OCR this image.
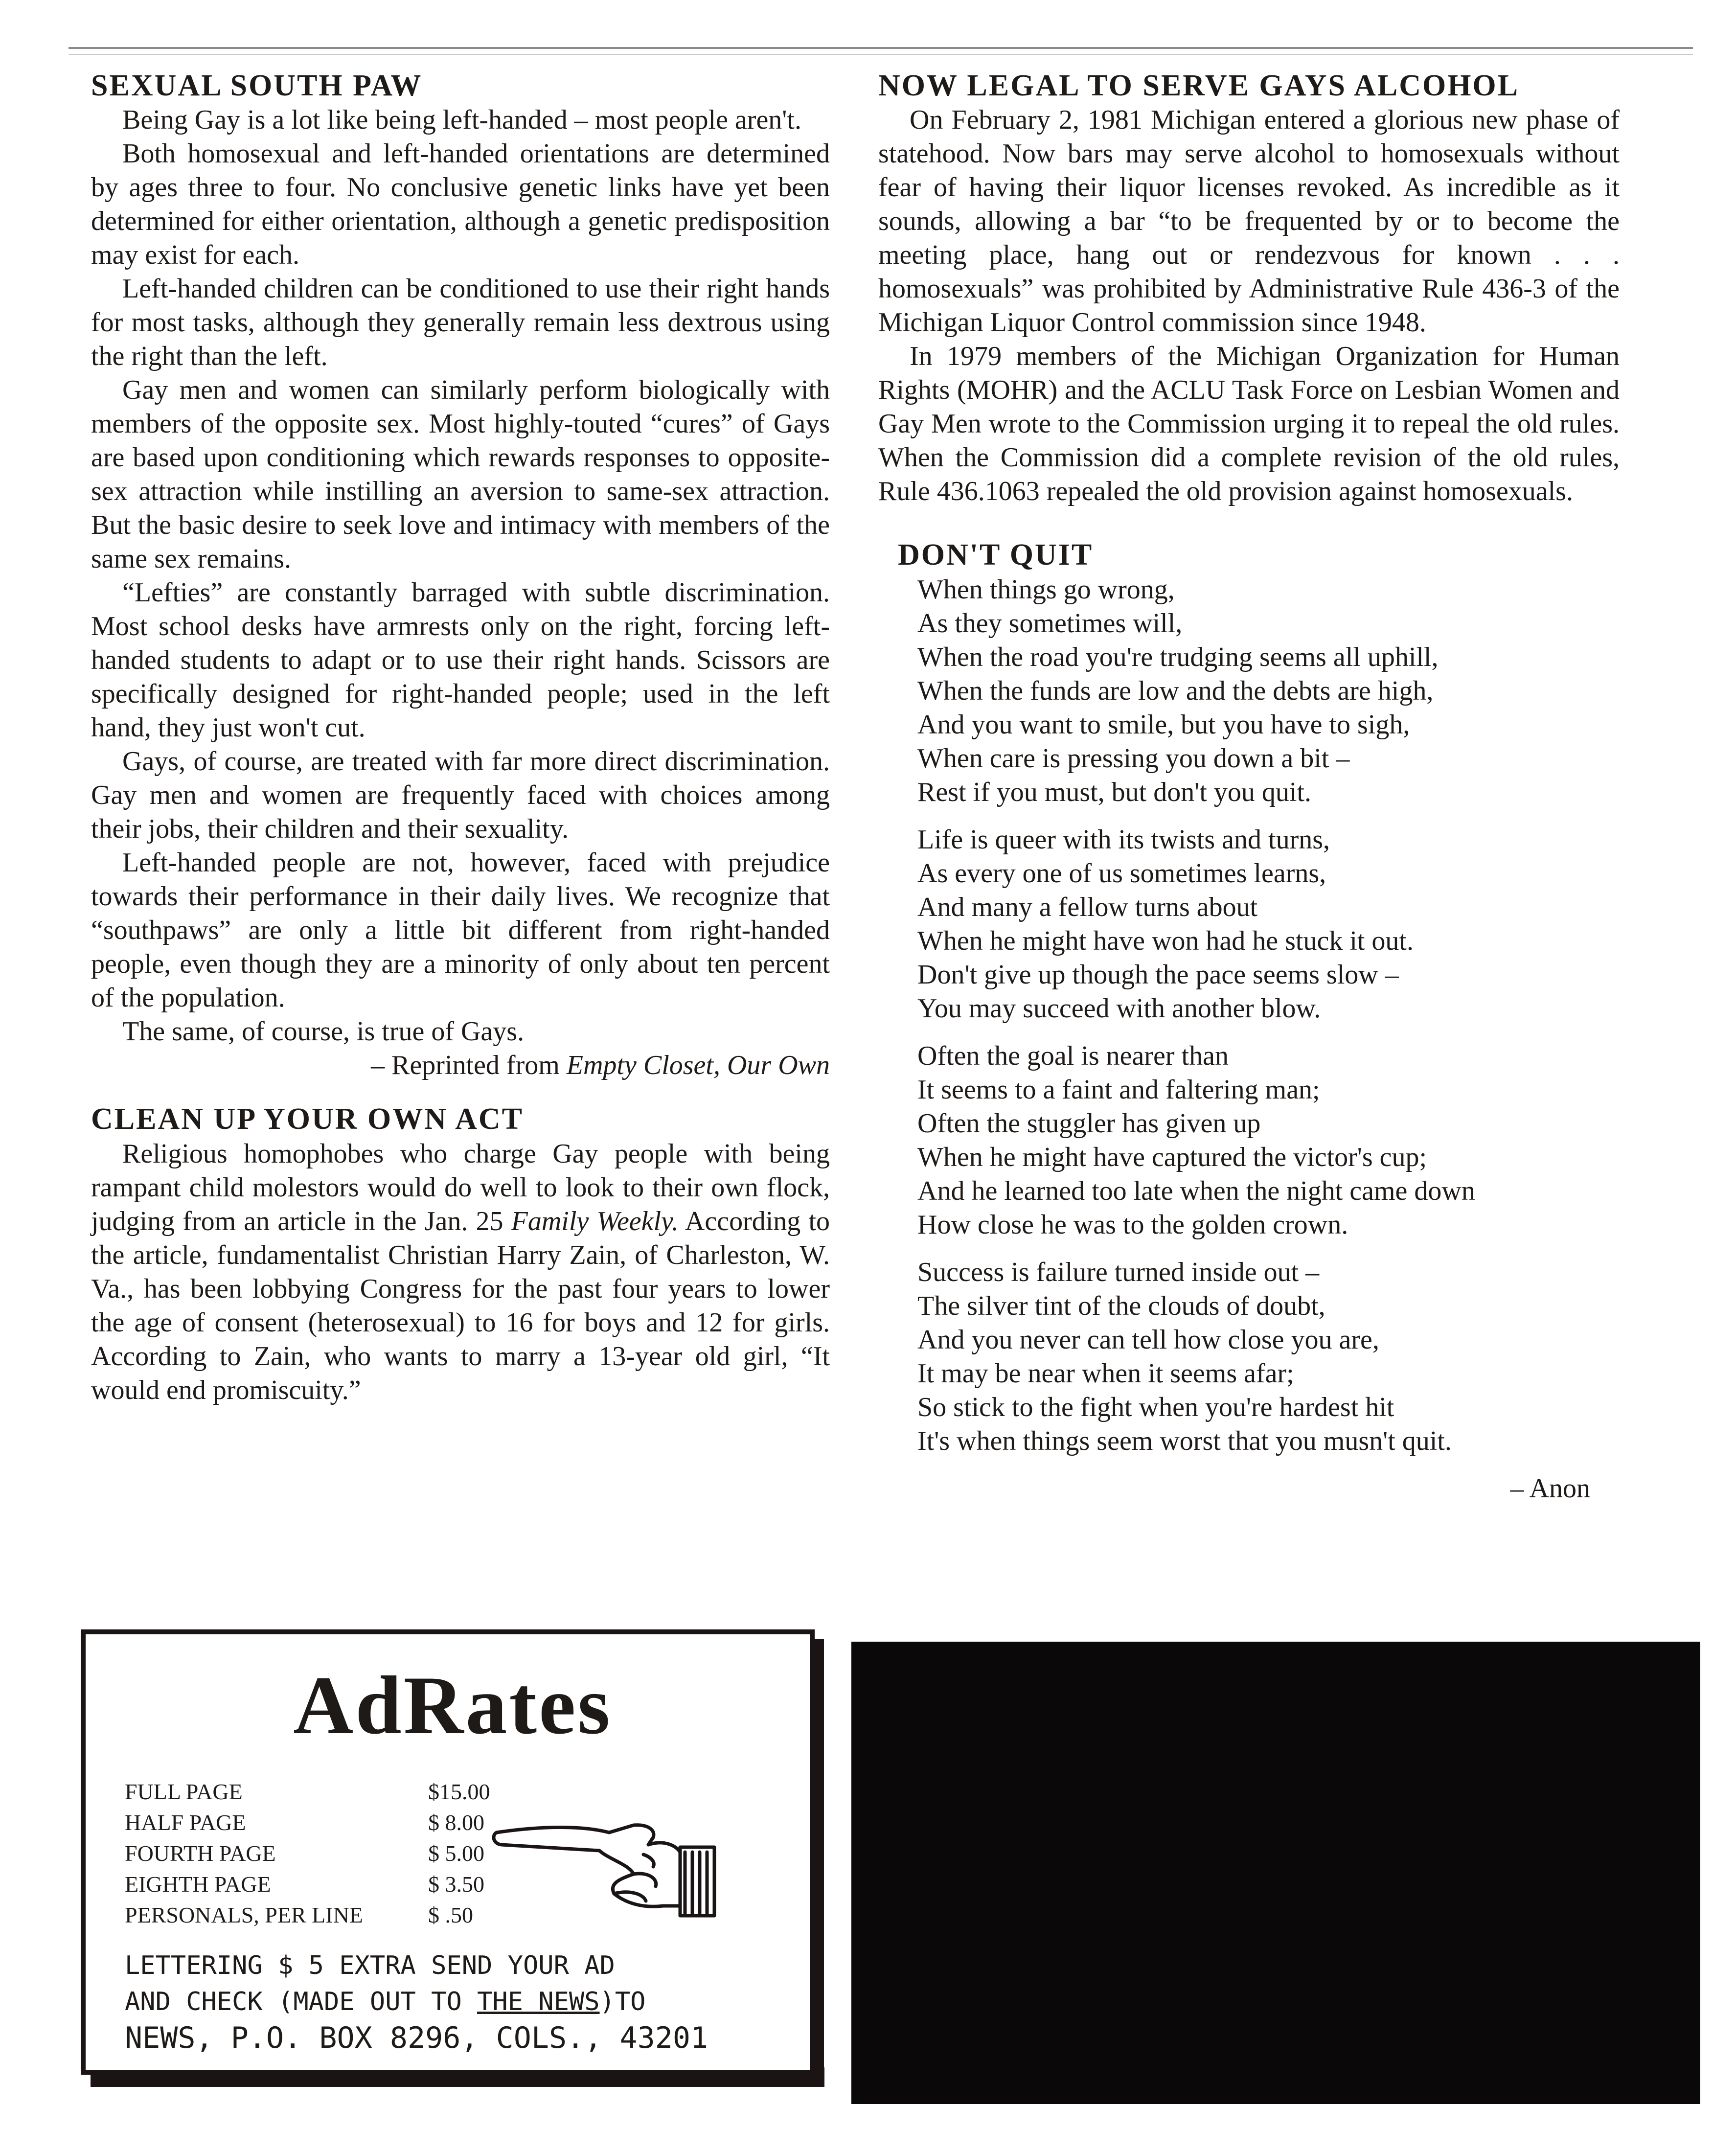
SEXUAL SOUTH PAW

Being Gay is a lot like being left-handed – most people aren't.

Both homosexual and left-handed orientations are determined by ages three to four. No conclusive genetic links have yet been determined for either orientation, although a genetic predisposition may exist for each.

Left-handed children can be conditioned to use their right hands for most tasks, although they generally remain less dextrous using the right than the left.

Gay men and women can similarly perform biologically with members of the opposite sex. Most highly-touted “cures” of Gays are based upon conditioning which rewards responses to opposite-sex attraction while instilling an aversion to same-sex attraction. But the basic desire to seek love and intimacy with members of the same sex remains.

“Lefties” are constantly barraged with subtle discrimination. Most school desks have armrests only on the right, forcing left-handed students to adapt or to use their right hands. Scissors are specifically designed for right-handed people; used in the left hand, they just won't cut.

Gays, of course, are treated with far more direct discrimination. Gay men and women are frequently faced with choices among their jobs, their children and their sexuality.

Left-handed people are not, however, faced with prejudice towards their performance in their daily lives. We recognize that “southpaws” are only a little bit different from right-handed people, even though they are a minority of only about ten percent of the population.

The same, of course, is true of Gays.

– Reprinted from Empty Closet, Our Own
CLEAN UP YOUR OWN ACT

Religious homophobes who charge Gay people with being rampant child molestors would do well to look to their own flock, judging from an article in the Jan. 25 Family Weekly. According to the article, fundamentalist Christian Harry Zain, of Charleston, W. Va., has been lobbying Congress for the past four years to lower the age of consent (heterosexual) to 16 for boys and 12 for girls. According to Zain, who wants to marry a 13-year old girl, “It would end promiscuity.”

NOW LEGAL TO SERVE GAYS ALCOHOL

On February 2, 1981 Michigan entered a glorious new phase of statehood. Now bars may serve alcohol to homosexuals without fear of having their liquor licenses revoked. As incredible as it sounds, allowing a bar “to be frequented by or to become the meeting place, hang out or rendezvous for known . . . homosexuals” was prohibited by Administrative Rule 436-3 of the Michigan Liquor Control commission since 1948.

In 1979 members of the Michigan Organization for Human Rights (MOHR) and the ACLU Task Force on Lesbian Women and Gay Men wrote to the Commission urging it to repeal the old rules. When the Commission did a complete revision of the old rules, Rule 436.1063 repealed the old provision against homosexuals.

DON'T QUIT
When things go wrong,
As they sometimes will,
When the road you're trudging seems all uphill,
When the funds are low and the debts are high,
And you want to smile, but you have to sigh,
When care is pressing you down a bit –
Rest if you must, but don't you quit.
Life is queer with its twists and turns,
As every one of us sometimes learns,
And many a fellow turns about
When he might have won had he stuck it out.
Don't give up though the pace seems slow –
You may succeed with another blow.
Often the goal is nearer than
It seems to a faint and faltering man;
Often the stuggler has given up
When he might have captured the victor's cup;
And he learned too late when the night came down
How close he was to the golden crown.
Success is failure turned inside out –
The silver tint of the clouds of doubt,
And you never can tell how close you are,
It may be near when it seems afar;
So stick to the fight when you're hardest hit
It's when things seem worst that you musn't quit.
– Anon
AdRates
FULL PAGE	$15.00
HALF PAGE	$ 8.00
FOURTH PAGE	$ 5.00
EIGHTH PAGE	$ 3.50
PERSONALS, PER LINE	$ .50
LETTERING $ 5 EXTRA SEND YOUR AD
AND CHECK (MADE OUT TO THE NEWS)TO
NEWS, P.O. BOX 8296, COLS., 43201
